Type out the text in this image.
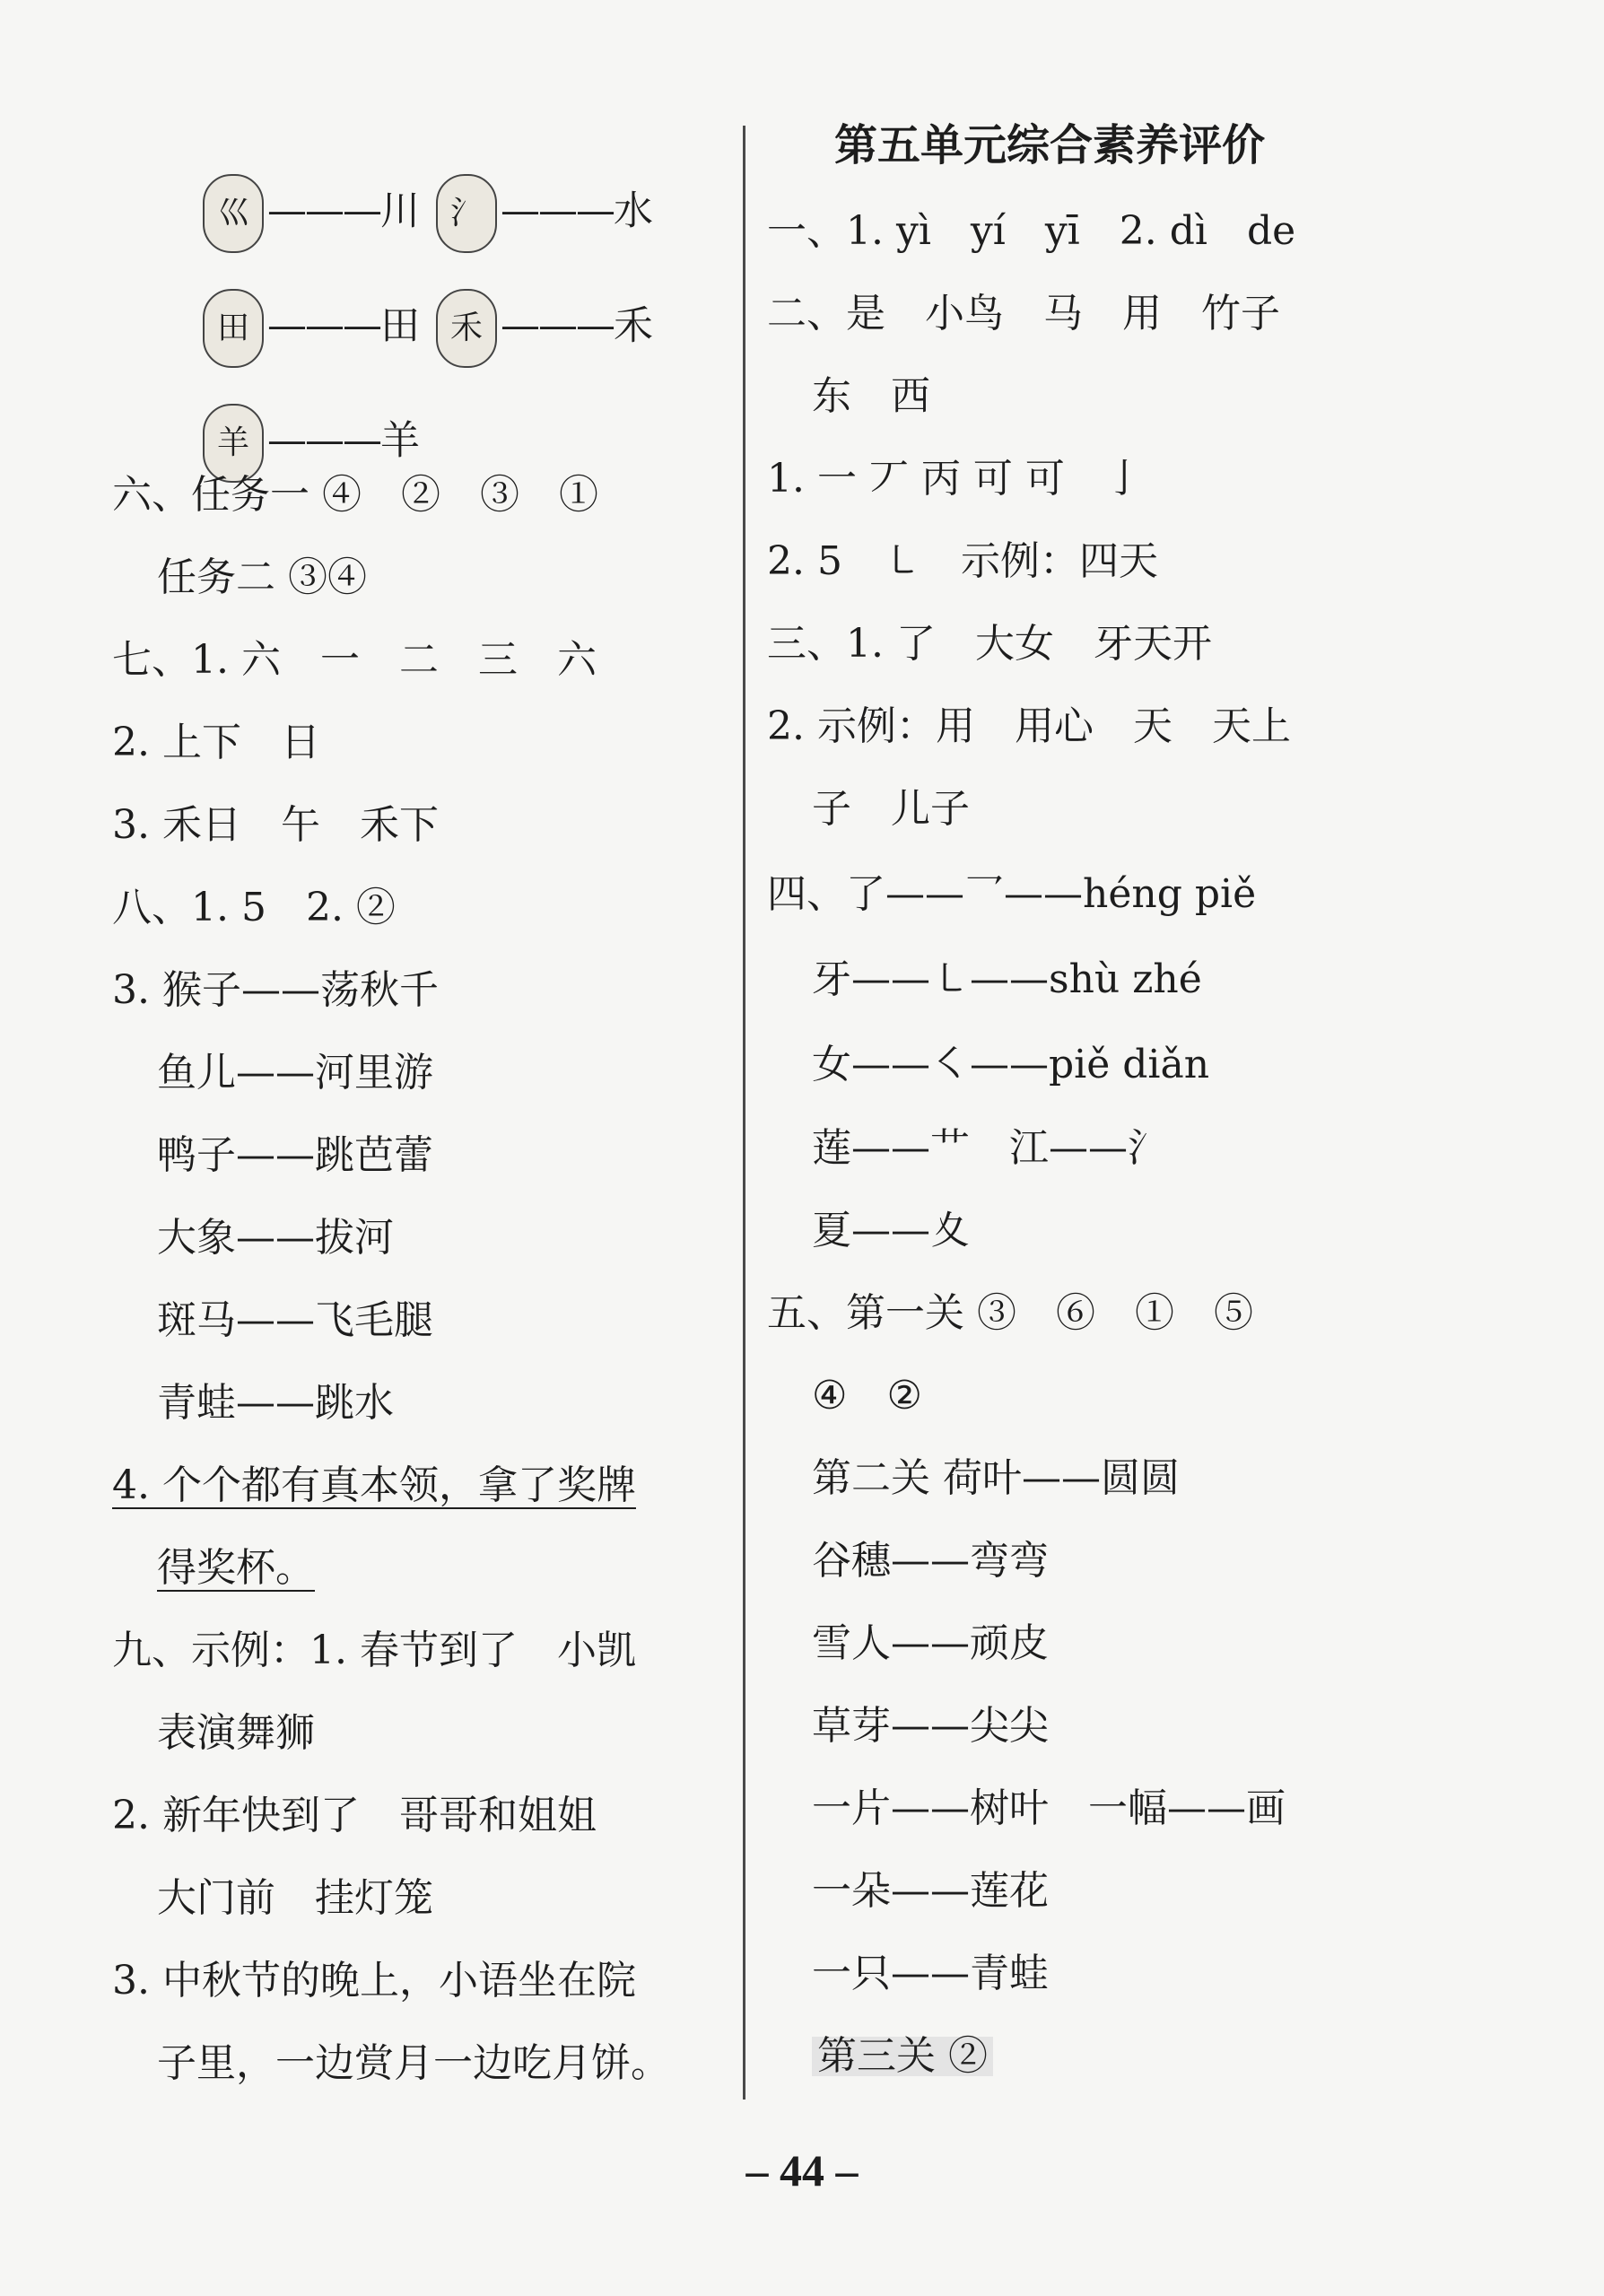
巛 ———川
氵 ———水

田 ———田
禾 ———禾

羊 ———羊

六、任务一 ④　②　③　①
任务二 ③④
七、1. 六　一　二　三　六
2. 上下　日
3. 禾日　午　禾下
八、1. 5　2. ②
3. 猴子——荡秋千
鱼儿——河里游
鸭子——跳芭蕾
大象——拔河
斑马——飞毛腿
青蛙——跳水
4. 个个都有真本领，拿了奖牌
得奖杯。
九、示例：1. 春节到了　小凯
表演舞狮
2. 新年快到了　哥哥和姐姐
大门前　挂灯笼
3. 中秋节的晚上，小语坐在院
子里，一边赏月一边吃月饼。
第五单元综合素养评价
一、1. yì　yí　yī　2. dì　de
二、是　小鸟　马　用　竹子
东　西
1. 一 丆 丙 可 可　亅
2. 5　㇄　示例：四天
三、1. 了　大女　牙天开
2. 示例：用　用心　天　天上
子　儿子
四、了——乛——héng piě
牙——㇄——shù zhé
女——㇛——piě diǎn
莲——艹　江——氵
夏——夊
五、第一关 ③　⑥　①　⑤
④　②
第二关 荷叶——圆圆
谷穗——弯弯
雪人——顽皮
草芽——尖尖
一片——树叶　一幅——画
一朵——莲花
一只——青蛙
第三关 ②
– 44 –
